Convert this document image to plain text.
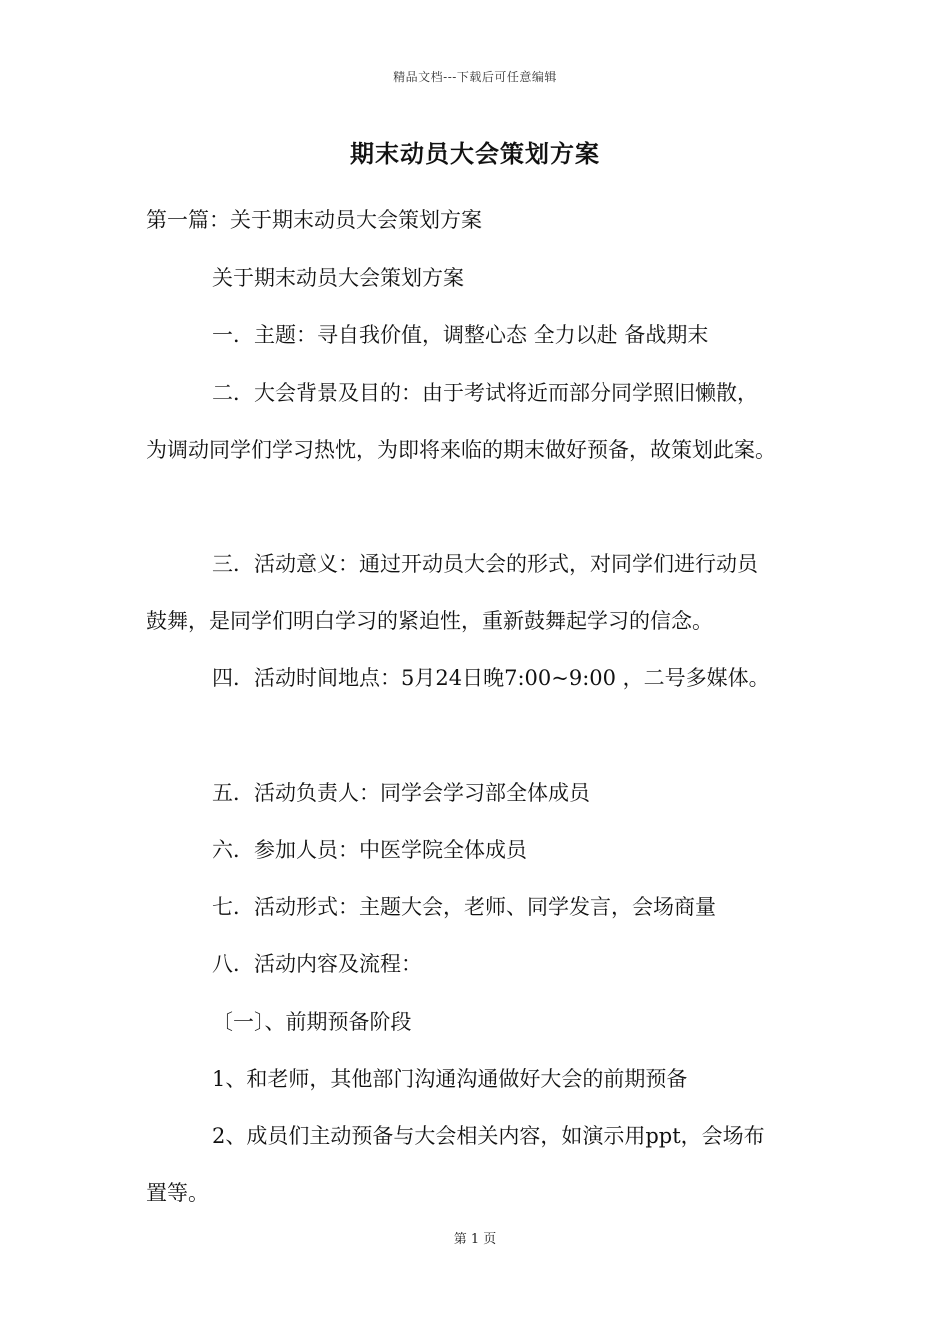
精品文档---下载后可任意编辑
期末动员大会策划方案
第一篇：关于期末动员大会策划方案
关于期末动员大会策划方案
一．主题：寻自我价值，调整心态 全力以赴 备战期末
二．大会背景及目的：由于考试将近而部分同学照旧懒散，
为调动同学们学习热忱，为即将来临的期末做好预备，故策划此案。
三．活动意义：通过开动员大会的形式，对同学们进行动员
鼓舞，是同学们明白学习的紧迫性，重新鼓舞起学习的信念。
四．活动时间地点：5月24日晚7:00~9:00 ，二号多媒体。
五．活动负责人：同学会学习部全体成员
六．参加人员：中医学院全体成员
七．活动形式：主题大会，老师、同学发言，会场商量
八．活动内容及流程：
〔一〕、前期预备阶段
1、和老师，其他部门沟通沟通做好大会的前期预备
2、成员们主动预备与大会相关内容，如演示用ppt，会场布
置等。
第 1 页
